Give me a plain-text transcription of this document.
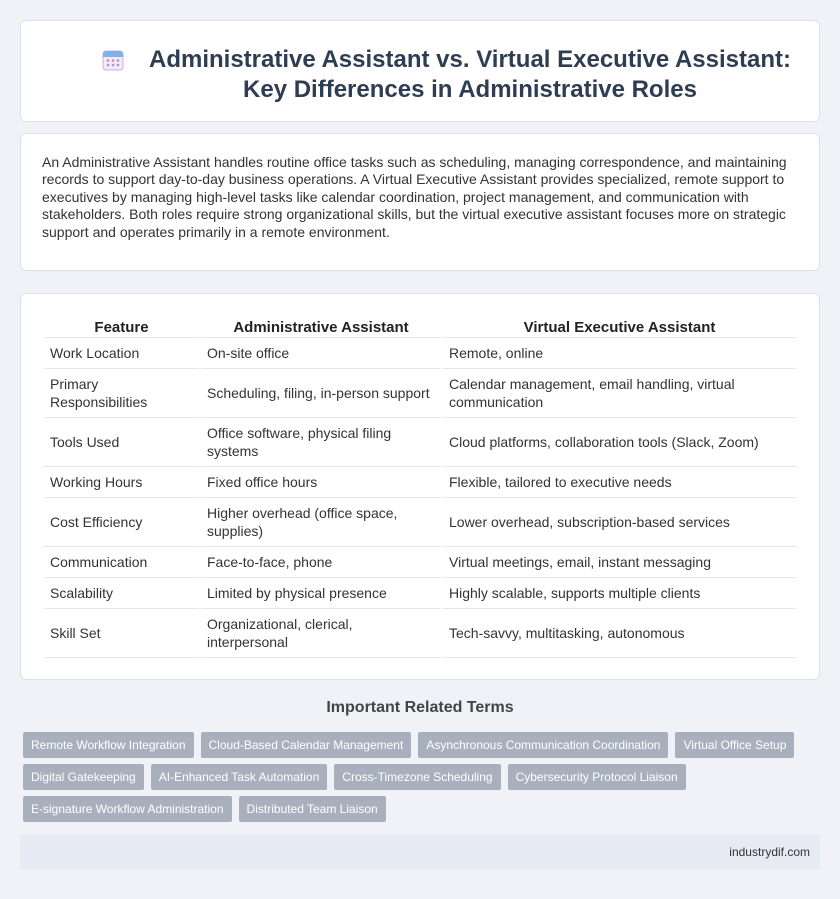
Administrative Assistant vs. Virtual Executive Assistant: Key Differences in Administrative Roles

An Administrative Assistant handles routine office tasks such as scheduling, managing correspondence, and maintaining records to support day-to-day business operations. A Virtual Executive Assistant provides specialized, remote support to executives by managing high-level tasks like calendar coordination, project management, and communication with stakeholders. Both roles require strong organizational skills, but the virtual executive assistant focuses more on strategic support and operates primarily in a remote environment.

Feature	Administrative Assistant	Virtual Executive Assistant
Work Location	On-site office	Remote, online
Primary Responsibilities	Scheduling, filing, in-person support	Calendar management, email handling, virtual communication
Tools Used	Office software, physical filing systems	Cloud platforms, collaboration tools (Slack, Zoom)
Working Hours	Fixed office hours	Flexible, tailored to executive needs
Cost Efficiency	Higher overhead (office space, supplies)	Lower overhead, subscription-based services
Communication	Face-to-face, phone	Virtual meetings, email, instant messaging
Scalability	Limited by physical presence	Highly scalable, supports multiple clients
Skill Set	Organizational, clerical, interpersonal	Tech-savvy, multitasking, autonomous
Important Related Terms
Remote Workflow Integration	Cloud-Based Calendar Management	Asynchronous Communication Coordination	Virtual Office Setup
Digital Gatekeeping	AI-Enhanced Task Automation	Cross-Timezone Scheduling	Cybersecurity Protocol Liaison
E-signature Workflow Administration	Distributed Team Liaison
industrydif.com
